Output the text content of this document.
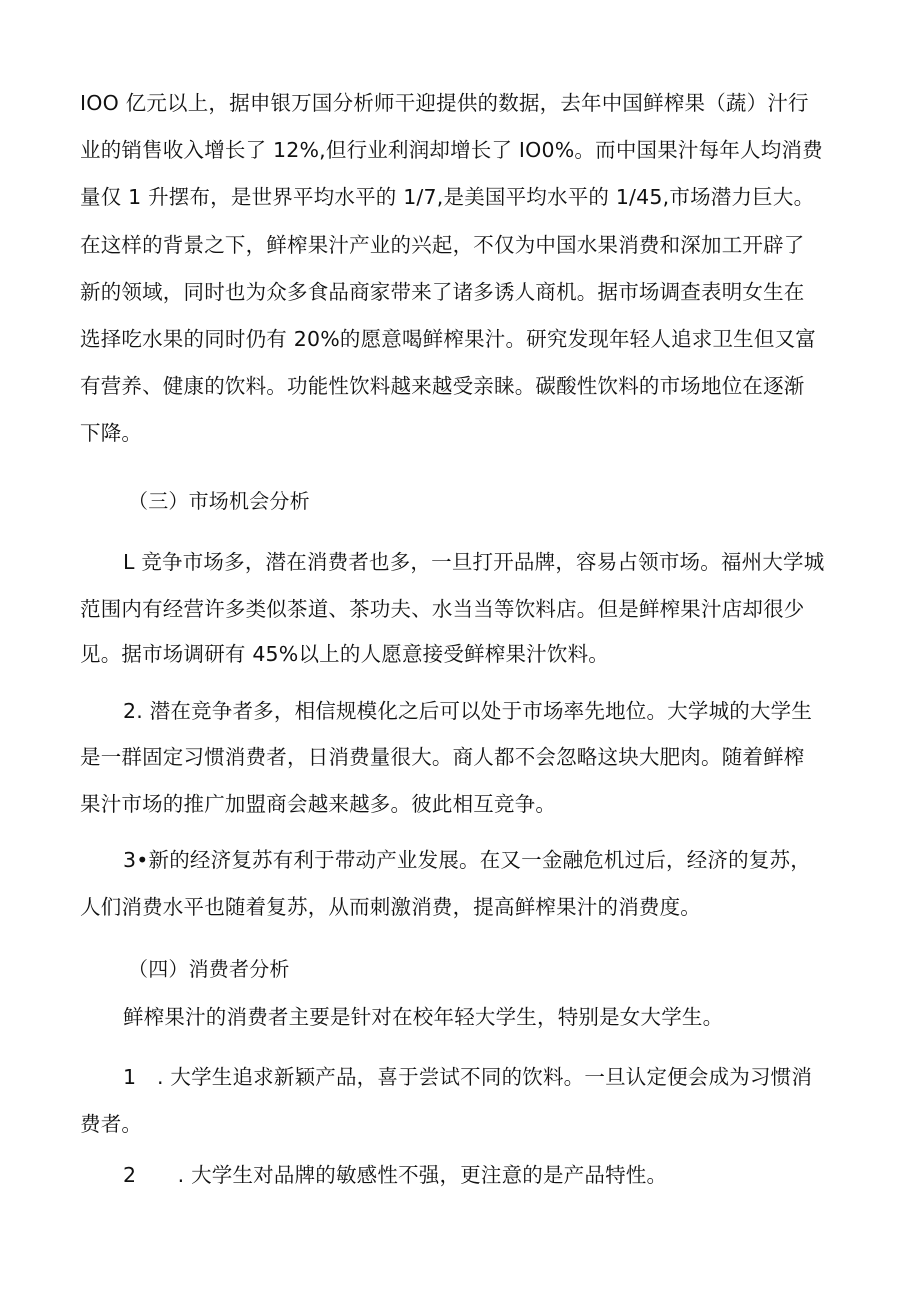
IOO 亿元以上，据申银万国分析师干迎提供的数据，去年中国鲜榨果（蔬）汁行
业的销售收入增长了 12%,但行业利润却增长了 IO0%。而中国果汁每年人均消费
量仅 1 升摆布，是世界平均水平的 1/7,是美国平均水平的 1/45,市场潜力巨大。
在这样的背景之下，鲜榨果汁产业的兴起，不仅为中国水果消费和深加工开辟了
新的领域，同时也为众多食品商家带来了诸多诱人商机。据市场调查表明女生在
选择吃水果的同时仍有 20%的愿意喝鲜榨果汁。研究发现年轻人追求卫生但又富
有营养、健康的饮料。功能性饮料越来越受亲睐。碳酸性饮料的市场地位在逐渐
下降。
（三）市场机会分析
L 竞争市场多，潜在消费者也多，一旦打开品牌，容易占领市场。福州大学城
范围内有经营许多类似茶道、茶功夫、水当当等饮料店。但是鲜榨果汁店却很少
见。据市场调研有 45%以上的人愿意接受鲜榨果汁饮料。
2. 潜在竞争者多，相信规模化之后可以处于市场率先地位。大学城的大学生
是一群固定习惯消费者，日消费量很大。商人都不会忽略这块大肥肉。随着鲜榨
果汁市场的推广加盟商会越来越多。彼此相互竞争。
3•新的经济复苏有利于带动产业发展。在又一金融危机过后，经济的复苏，
人们消费水平也随着复苏，从而刺激消费，提高鲜榨果汁的消费度。
（四）消费者分析
鲜榨果汁的消费者主要是针对在校年轻大学生，特别是女大学生。
1　. 大学生追求新颖产品，喜于尝试不同的饮料。一旦认定便会成为习惯消
费者。
2　　. 大学生对品牌的敏感性不强，更注意的是产品特性。
